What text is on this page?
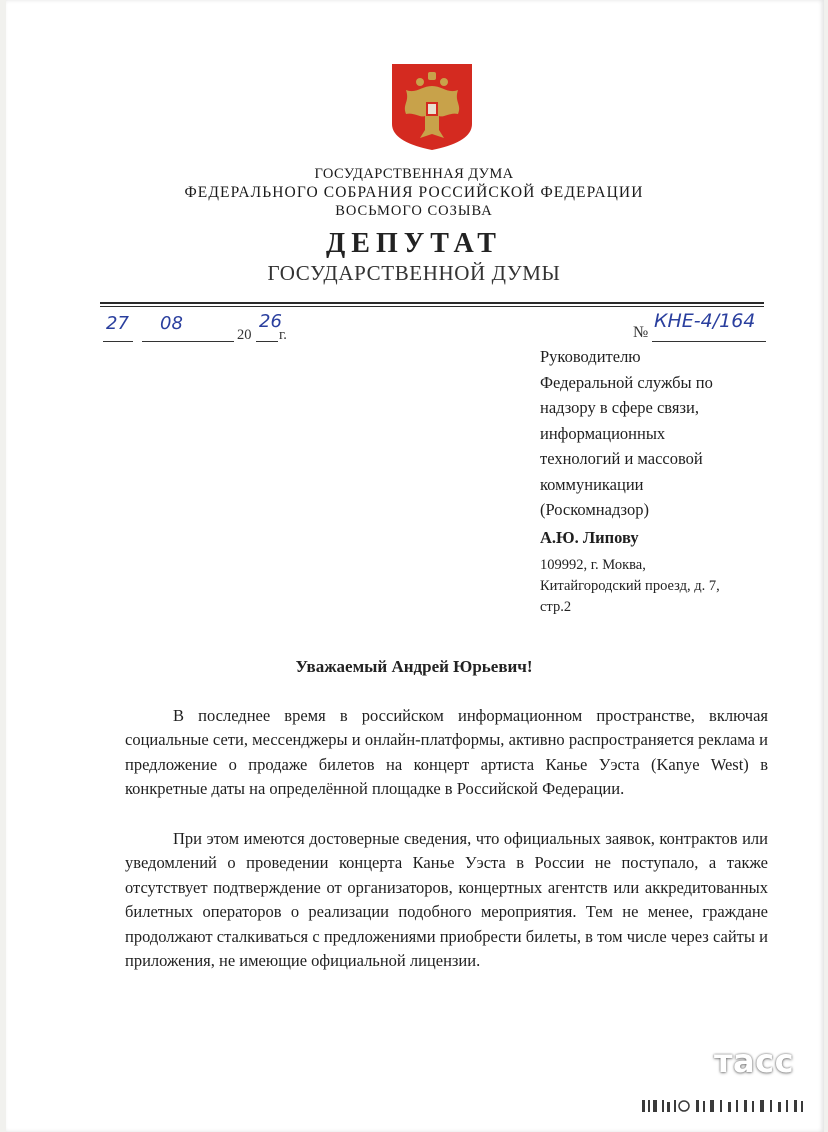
ГОСУДАРСТВЕННАЯ ДУМА
ФЕДЕРАЛЬНОГО СОБРАНИЯ РОССИЙСКОЙ ФЕДЕРАЦИИ
ВОСЬМОГО СОЗЫВА
ДЕПУТАТ
ГОСУДАРСТВЕННОЙ ДУМЫ
27 08
20
26
г.	№
КНЕ-4/164
Руководителю
Федеральной службы по
надзору в сфере связи,
информационных
технологий и массовой
коммуникации
(Роскомнадзор)
А.Ю. Липову
109992, г. Моква,
Китайгородский проезд, д. 7,
стр.2
Уважаемый Андрей Юрьевич!
В последнее время в российском информационном пространстве, включая социальные сети, мессенджеры и онлайн-платформы, активно распространяется реклама и предложение о продаже билетов на концерт артиста Канье Уэста (Kanye West) в конкретные даты на определённой площадке в Российской Федерации.
При этом имеются достоверные сведения, что официальных заявок, контрактов или уведомлений о проведении концерта Канье Уэста в России не поступало, а также отсутствует подтверждение от организаторов, концертных агентств или аккредитованных билетных операторов о реализации подобного мероприятия. Тем не менее, граждане продолжают сталкиваться с предложениями приобрести билеты, в том числе через сайты и приложения, не имеющие официальной лицензии.
тасс
